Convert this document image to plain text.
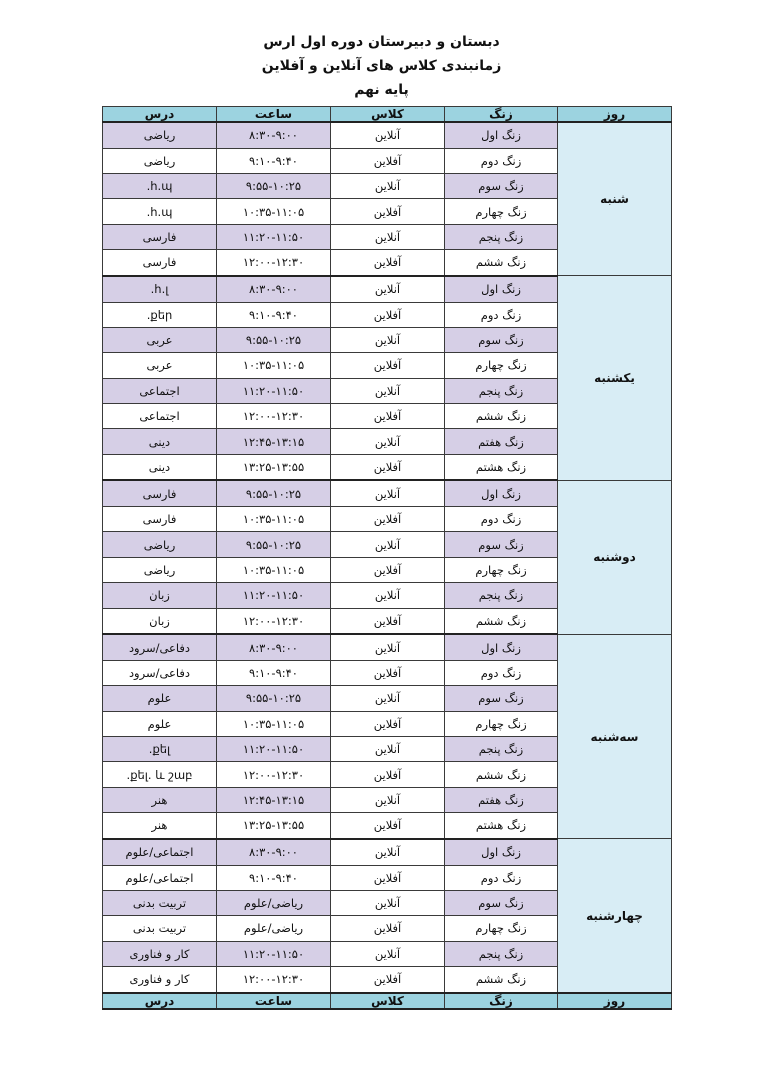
دبستان و دبیرستان دوره اول ارس
زمانبندی کلاس های آنلاین و آفلاین
پایه نهم
روز	زنگ	کلاس	ساعت	درس
شنبه	زنگ اول	آنلاین	۸:۳۰-۹:۰۰	ریاضی
	زنگ دوم	آفلاین	۹:۱۰-۹:۴۰	ریاضی
	زنگ سوم	آنلاین	۹:۵۵-۱۰:۲۵	հ.պ.
	زنگ چهارم	آفلاین	۱۰:۳۵-۱۱:۰۵	հ.պ.
	زنگ پنجم	آنلاین	۱۱:۲۰-۱۱:۵۰	فارسی
	زنگ ششم	آفلاین	۱۲:۰۰-۱۲:۳۰	فارسی
یکشنبه	زنگ اول	آنلاین	۸:۳۰-۹:۰۰	հ.լ.
	زنگ دوم	آفلاین	۹:۱۰-۹:۴۰	քեր.
	زنگ سوم	آنلاین	۹:۵۵-۱۰:۲۵	عربی
	زنگ چهارم	آفلاین	۱۰:۳۵-۱۱:۰۵	عربی
	زنگ پنجم	آنلاین	۱۱:۲۰-۱۱:۵۰	اجتماعی
	زنگ ششم	آفلاین	۱۲:۰۰-۱۲:۳۰	اجتماعی
	زنگ هفتم	آنلاین	۱۲:۴۵-۱۳:۱۵	دینی
	زنگ هشتم	آفلاین	۱۳:۲۵-۱۳:۵۵	دینی
دوشنبه	زنگ اول	آنلاین	۹:۵۵-۱۰:۲۵	فارسی
	زنگ دوم	آفلاین	۱۰:۳۵-۱۱:۰۵	فارسی
	زنگ سوم	آنلاین	۹:۵۵-۱۰:۲۵	ریاضی
	زنگ چهارم	آفلاین	۱۰:۳۵-۱۱:۰۵	ریاضی
	زنگ پنجم	آنلاین	۱۱:۲۰-۱۱:۵۰	زبان
	زنگ ششم	آفلاین	۱۲:۰۰-۱۲:۳۰	زبان
سه‌شنبه	زنگ اول	آنلاین	۸:۳۰-۹:۰۰	دفاعی/سرود
	زنگ دوم	آفلاین	۹:۱۰-۹:۴۰	دفاعی/سرود
	زنگ سوم	آنلاین	۹:۵۵-۱۰:۲۵	علوم
	زنگ چهارم	آفلاین	۱۰:۳۵-۱۱:۰۵	علوم
	زنگ پنجم	آنلاین	۱۱:۲۰-۱۱:۵۰	քել.
	زنگ ششم	آفلاین	۱۲:۰۰-۱۲:۳۰	քել. և շաբ.
	زنگ هفتم	آنلاین	۱۲:۴۵-۱۳:۱۵	هنر
	زنگ هشتم	آفلاین	۱۳:۲۵-۱۳:۵۵	هنر
چهارشنبه	زنگ اول	آنلاین	۸:۳۰-۹:۰۰	اجتماعی/علوم
	زنگ دوم	آفلاین	۹:۱۰-۹:۴۰	اجتماعی/علوم
	زنگ سوم	آنلاین	ریاضی/علوم	تربیت بدنی
	زنگ چهارم	آفلاین	ریاضی/علوم	تربیت بدنی
	زنگ پنجم	آنلاین	۱۱:۲۰-۱۱:۵۰	کار و فناوری
	زنگ ششم	آفلاین	۱۲:۰۰-۱۲:۳۰	کار و فناوری
روز	زنگ	کلاس	ساعت	درس
